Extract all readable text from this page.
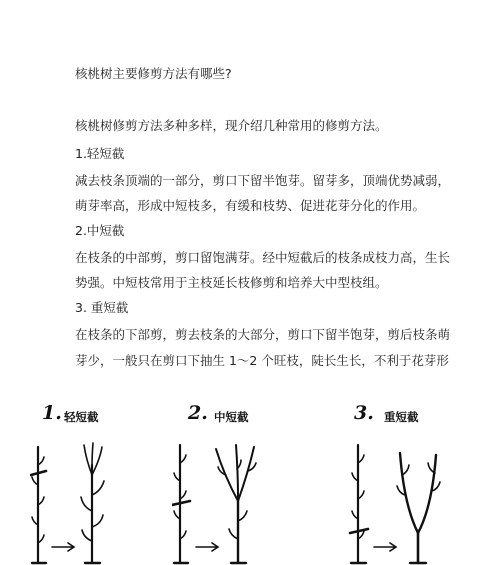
核桃树主要修剪方法有哪些?

核桃树修剪方法多种多样，现介绍几种常用的修剪方法。

1.轻短截

减去枝条顶端的一部分，剪口下留半饱芽。留芽多，顶端优势减弱，

萌芽率高，形成中短枝多，有缓和枝势、促进花芽分化的作用。

2.中短截

在枝条的中部剪，剪口留饱满芽。经中短截后的枝条成枝力高，生长

势强。中短枝常用于主枝延长枝修剪和培养大中型枝组。

3. 重短截

在枝条的下部剪，剪去枝条的大部分，剪口下留半饱芽，剪后枝条萌

芽少，一般只在剪口下抽生 1～2 个旺枝，陡长生长，不利于花芽形

1. 轻短截	2. 中短截	3. 重短截
